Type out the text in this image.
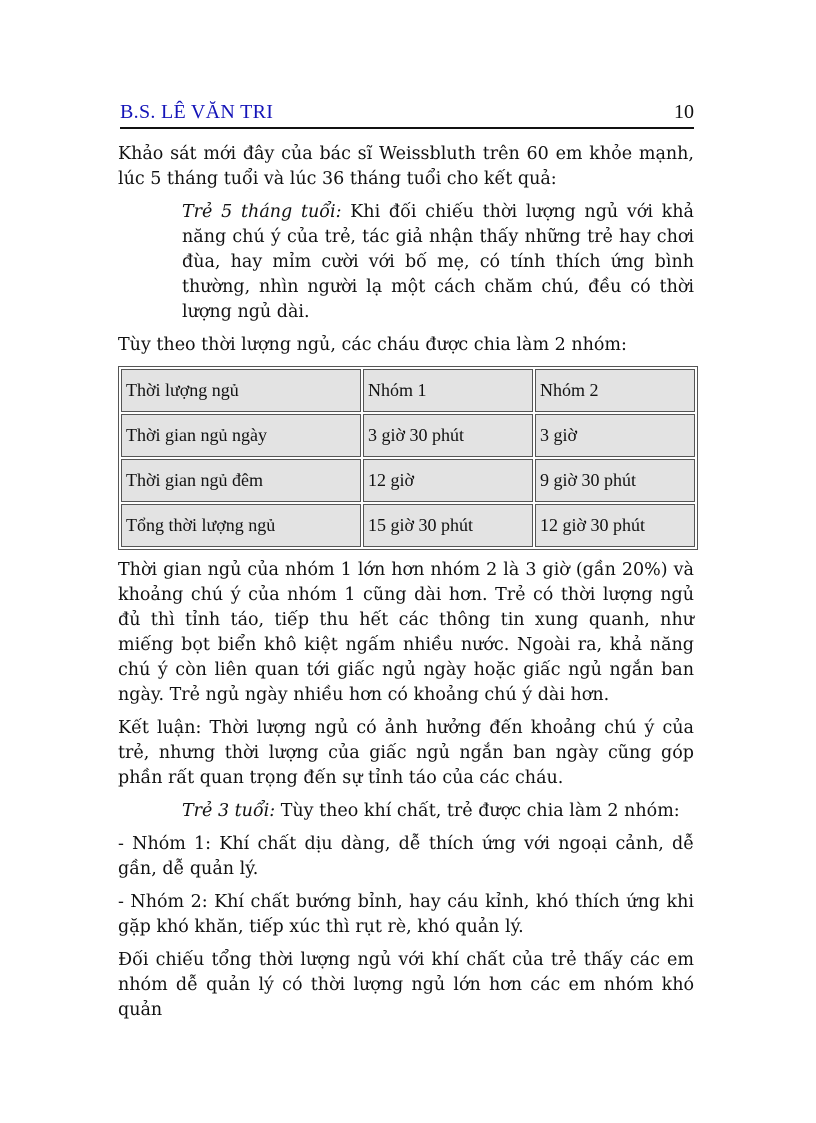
B.S. LÊ VĂN TRI	10

Khảo sát mới đây của bác sĩ Weissbluth trên 60 em khỏe mạnh, lúc 5 tháng tuổi và lúc 36 tháng tuổi cho kết quả:

Trẻ 5 tháng tuổi: Khi đối chiếu thời lượng ngủ với khả năng chú ý của trẻ, tác giả nhận thấy những trẻ hay chơi đùa, hay mỉm cười với bố mẹ, có tính thích ứng bình thường, nhìn người lạ một cách chăm chú, đều có thời lượng ngủ dài.

Tùy theo thời lượng ngủ, các cháu được chia làm 2 nhóm:

Thời lượng ngủ	Nhóm 1	Nhóm 2
Thời gian ngủ ngày	3 giờ 30 phút	3 giờ
Thời gian ngủ đêm	12 giờ	9 giờ 30 phút
Tổng thời lượng ngủ	15 giờ 30 phút	12 giờ 30 phút

Thời gian ngủ của nhóm 1 lớn hơn nhóm 2 là 3 giờ (gần 20%) và khoảng chú ý của nhóm 1 cũng dài hơn. Trẻ có thời lượng ngủ đủ thì tỉnh táo, tiếp thu hết các thông tin xung quanh, như miếng bọt biển khô kiệt ngấm nhiều nước. Ngoài ra, khả năng chú ý còn liên quan tới giấc ngủ ngày hoặc giấc ngủ ngắn ban ngày. Trẻ ngủ ngày nhiều hơn có khoảng chú ý dài hơn.

Kết luận: Thời lượng ngủ có ảnh hưởng đến khoảng chú ý của trẻ, nhưng thời lượng của giấc ngủ ngắn ban ngày cũng góp phần rất quan trọng đến sự tỉnh táo của các cháu.

Trẻ 3 tuổi: Tùy theo khí chất, trẻ được chia làm 2 nhóm:

- Nhóm 1: Khí chất dịu dàng, dễ thích ứng với ngoại cảnh, dễ gần, dễ quản lý.

- Nhóm 2: Khí chất bướng bỉnh, hay cáu kỉnh, khó thích ứng khi gặp khó khăn, tiếp xúc thì rụt rè, khó quản lý.

Đối chiếu tổng thời lượng ngủ với khí chất của trẻ thấy các em nhóm dễ quản lý có thời lượng ngủ lớn hơn các em nhóm khó quản
